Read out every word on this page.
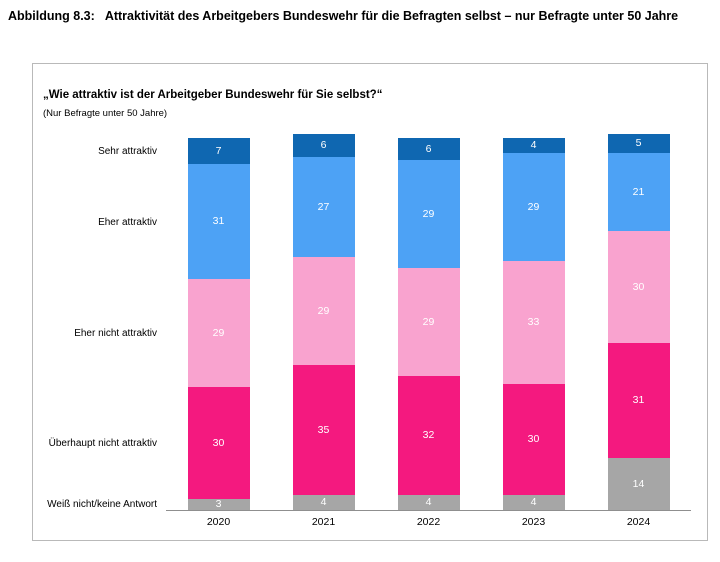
Abbildung 8.3: Attraktivität des Arbeitgebers Bundeswehr für die Befragten selbst – nur Befragte unter 50 Jahre
„Wie attraktiv ist der Arbeitgeber Bundeswehr für Sie selbst?“
(Nur Befragte unter 50 Jahre)
Sehr attraktiv
Eher attraktiv
Eher nicht attraktiv
Überhaupt nicht attraktiv
Weiß nicht/keine Antwort
7
31
29
30
3
6
27
29
35
4
6
29
29
32
4
4
29
33
30
4
5
21
30
31
14
2020	2021	2022	2023	2024
